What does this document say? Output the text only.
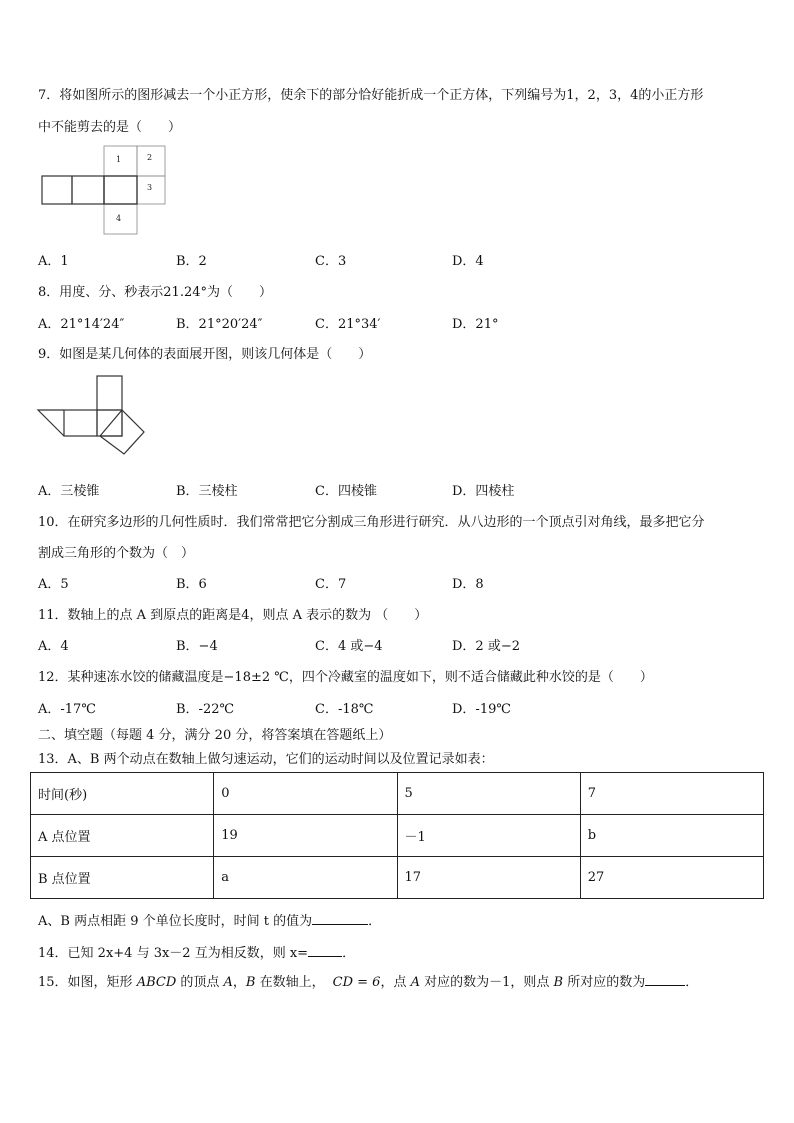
7．将如图所示的图形减去一个小正方形，使余下的部分恰好能折成一个正方体，下列编号为1，2，3，4的小正方形
中不能剪去的是（　　）
1	2
3
4
A．1	B．2	C．3	D．4
8．用度、分、秒表示21.24°为（　　）
A．21°14′24″	B．21°20′24″	C．21°34′	D．21°
9．如图是某几何体的表面展开图，则该几何体是（　　）
A．三棱锥	B．三棱柱	C．四棱锥	D．四棱柱
10．在研究多边形的几何性质时．我们常常把它分割成三角形进行研究．从八边形的一个顶点引对角线，最多把它分
割成三角形的个数为（　）
A．5	B．6	C．7	D．8
11．数轴上的点 A 到原点的距离是4，则点 A 表示的数为 （　　）
A．4	B．−4	C．4 或−4	D．2 或−2
12．某种速冻水饺的储藏温度是−18±2 ℃，四个冷藏室的温度如下，则不适合储藏此种水饺的是（　　）
A．-17℃	B．-22℃	C．-18℃	D．-19℃
二、填空题（每题 4 分，满分 20 分，将答案填在答题纸上）
13．A、B 两个动点在数轴上做匀速运动，它们的运动时间以及位置记录如表：
时间(秒)	0	5	7
A 点位置	19	－1	b
B 点位置	a	17	27
A、B 两点相距 9 个单位长度时，时间 t 的值为	．
14．已知 2x+4 与 3x－2 互为相反数，则 x=	．
15．如图，矩形 ABCD 的顶点 A，B 在数轴上， CD = 6，点 A 对应的数为－1，则点 B 所对应的数为	．
